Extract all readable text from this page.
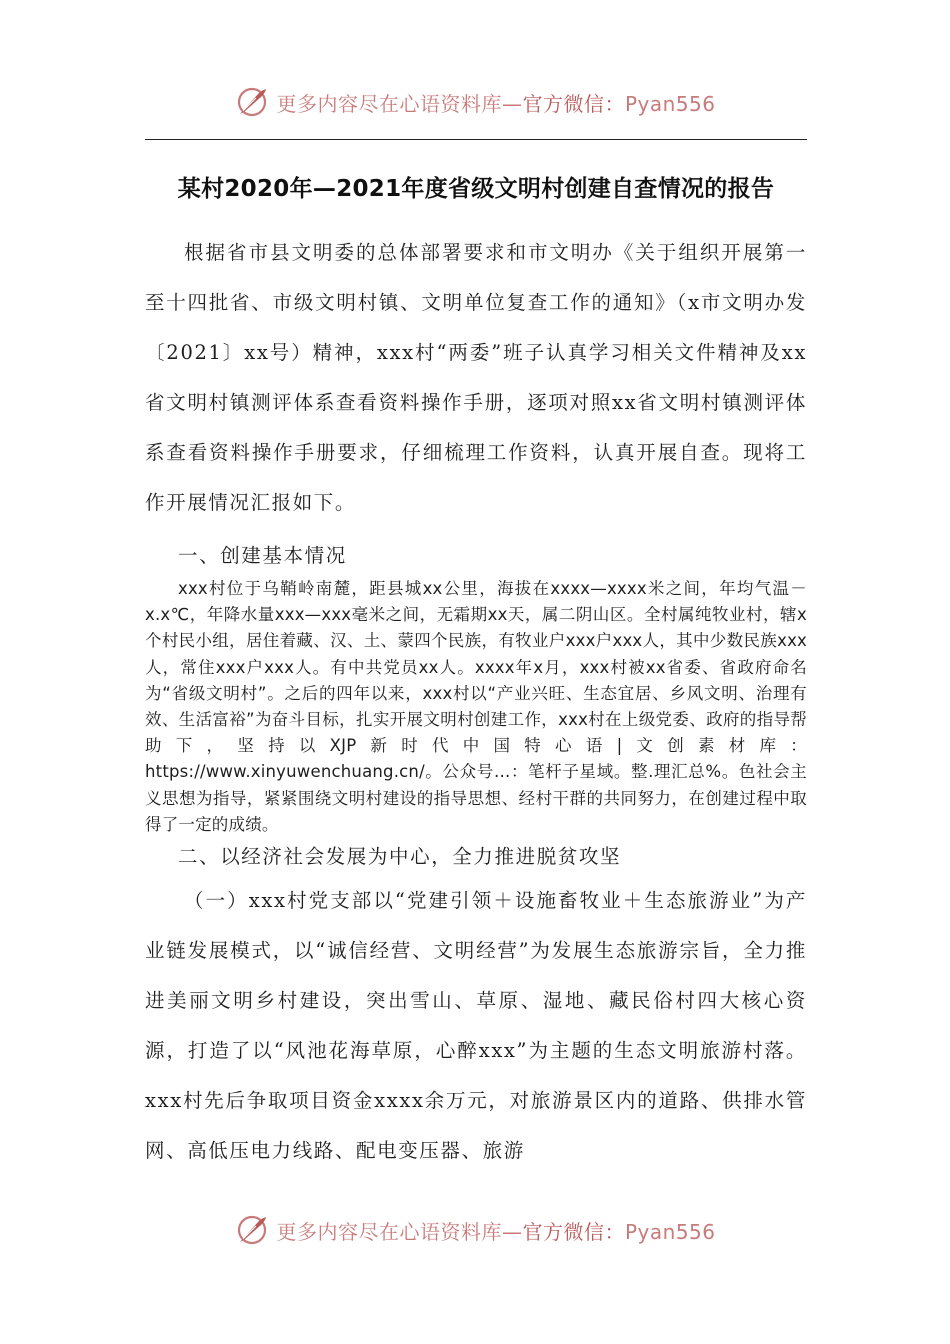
更多内容尽在心语资料库—官方微信：Pyan556
某村2020年—2021年度省级文明村创建自查情况的报告

根据省市县文明委的总体部署要求和市文明办《关于组织开展第一至十四批省、市级文明村镇、文明单位复查工作的通知》（x市文明办发〔2021〕xx号）精神，xxx村“两委”班子认真学习相关文件精神及xx省文明村镇测评体系查看资料操作手册，逐项对照xx省文明村镇测评体系查看资料操作手册要求，仔细梳理工作资料，认真开展自查。现将工作开展情况汇报如下。

一、创建基本情况

xxx村位于乌鞘岭南麓，距县城xx公里，海拔在xxxx—xxxx米之间，年均气温－x.x℃，年降水量xxx—xxx毫米之间，无霜期xx天，属二阴山区。全村属纯牧业村，辖x个村民小组，居住着藏、汉、土、蒙四个民族，有牧业户xxx户xxx人，其中少数民族xxx人，常住xxx户xxx人。有中共党员xx人。xxxx年x月，xxx村被xx省委、省政府命名为“省级文明村”。之后的四年以来，xxx村以“产业兴旺、生态宜居、乡风文明、治理有效、生活富裕”为奋斗目标，扎实开展文明村创建工作，xxx村在上级党委、政府的指导帮助下，坚持以XJP新时代中国特心语|文创素材库：https://www.xinyuwenchuang.cn/。公众号…：笔杆子星域。整.理汇总%。色社会主义思想为指导，紧紧围绕文明村建设的指导思想、经村干群的共同努力，在创建过程中取得了一定的成绩。

二、以经济社会发展为中心，全力推进脱贫攻坚

（一）xxx村党支部以“党建引领＋设施畜牧业＋生态旅游业”为产业链发展模式，以“诚信经营、文明经营”为发展生态旅游宗旨，全力推进美丽文明乡村建设，突出雪山、草原、湿地、藏民俗村四大核心资源，打造了以“风池花海草原，心醉xxx”为主题的生态文明旅游村落。xxx村先后争取项目资金xxxx余万元，对旅游景区内的道路、供排水管网、高低压电力线路、配电变压器、旅游

更多内容尽在心语资料库—官方微信：Pyan556
